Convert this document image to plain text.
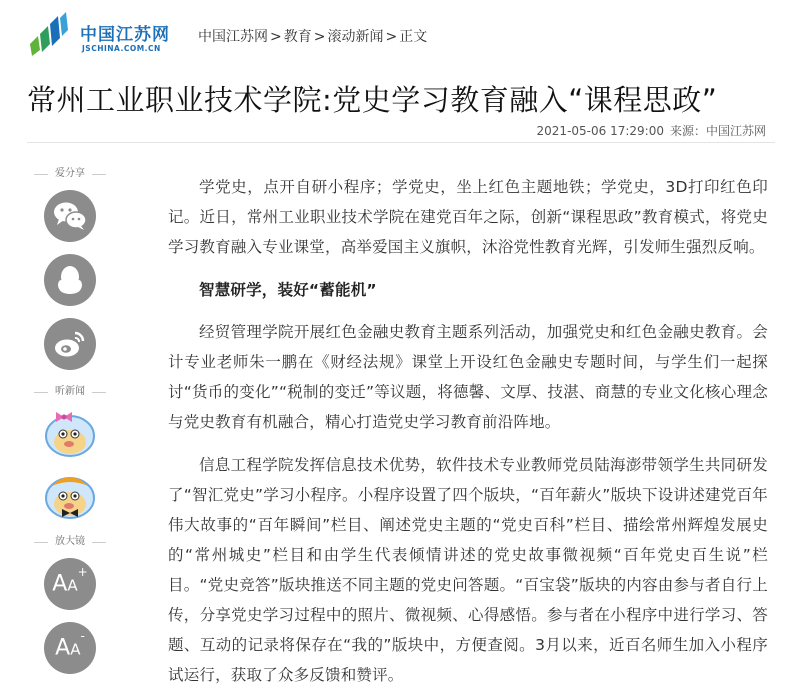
中国江苏网
JSCHINA.COM.CN
中国江苏网 > 教育 > 滚动新闻 > 正文
常州工业职业技术学院:党史学习教育融入“课程思政”
2021-05-06 17:29:00 来源：中国江苏网
爱分享
听新闻
放大镜
AA+
AA-

学党史，点开自研小程序；学党史，坐上红色主题地铁；学党史，3D打印红色印记。近日，常州工业职业技术学院在建党百年之际，创新“课程思政”教育模式，将党史学习教育融入专业课堂，高举爱国主义旗帜，沐浴党性教育光辉，引发师生强烈反响。

智慧研学，装好“蓄能机”

经贸管理学院开展红色金融史教育主题系列活动，加强党史和红色金融史教育。会计专业老师朱一鹏在《财经法规》课堂上开设红色金融史专题时间，与学生们一起探讨“货币的变化”“税制的变迁”等议题，将德馨、文厚、技湛、商慧的专业文化核心理念与党史教育有机融合，精心打造党史学习教育前沿阵地。

信息工程学院发挥信息技术优势，软件技术专业教师党员陆海澎带领学生共同研发了“智汇党史”学习小程序。小程序设置了四个版块，“百年薪火”版块下设讲述建党百年伟大故事的“百年瞬间”栏目、阐述党史主题的“党史百科”栏目、描绘常州辉煌发展史的“常州城史”栏目和由学生代表倾情讲述的党史故事微视频“百年党史百生说”栏目。“党史竞答”版块推送不同主题的党史问答题。“百宝袋”版块的内容由参与者自行上传，分享党史学习过程中的照片、微视频、心得感悟。参与者在小程序中进行学习、答题、互动的记录将保存在“我的”版块中，方便查阅。3月以来，近百名师生加入小程序试运行，获取了众多反馈和赞评。
